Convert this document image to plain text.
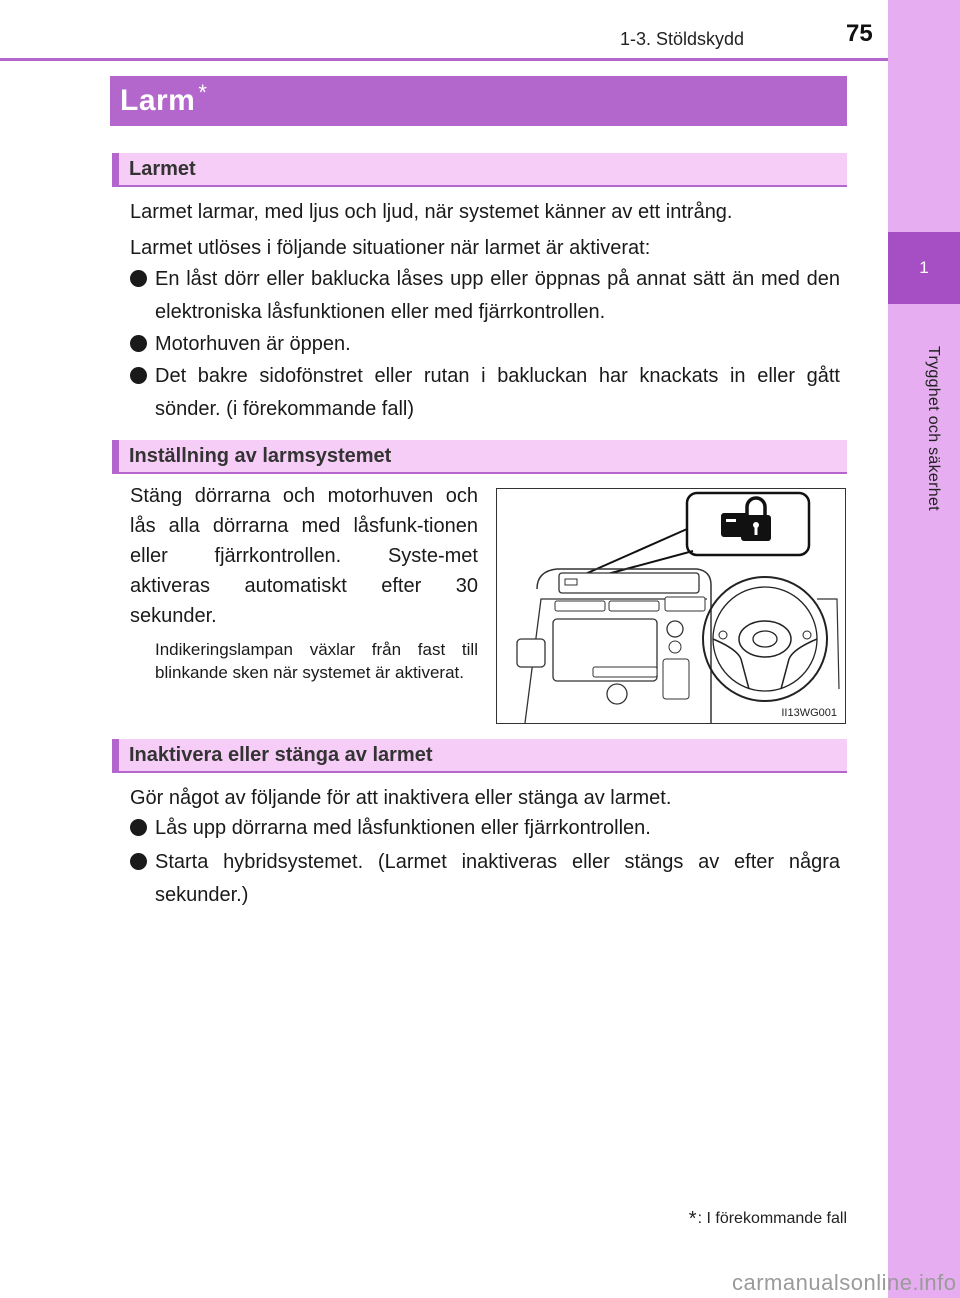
1
Trygghet och säkerhet
1-3. Stöldskydd	75
Larm*
Larmet
Larmet larmar, med ljus och ljud, när systemet känner av ett intrång.
Larmet utlöses i följande situationer när larmet är aktiverat:
En låst dörr eller baklucka låses upp eller öppnas på annat sätt än med den elektroniska låsfunktionen eller med fjärrkontrollen.
Motorhuven är öppen.
Det bakre sidofönstret eller rutan i bakluckan har knackats in eller gått sönder. (i förekommande fall)
Inställning av larmsystemet
Stäng dörrarna och motorhuven och lås alla dörrarna med låsfunk-tionen eller fjärrkontrollen. Syste-met aktiveras automatiskt efter 30 sekunder.
Indikeringslampan växlar från fast till blinkande sken när systemet är aktiverat.
II13WG001
Inaktivera eller stänga av larmet
Gör något av följande för att inaktivera eller stänga av larmet.
Lås upp dörrarna med låsfunktionen eller fjärrkontrollen.
Starta hybridsystemet. (Larmet inaktiveras eller stängs av efter några sekunder.)
*: I förekommande fall
carmanualsonline.info
